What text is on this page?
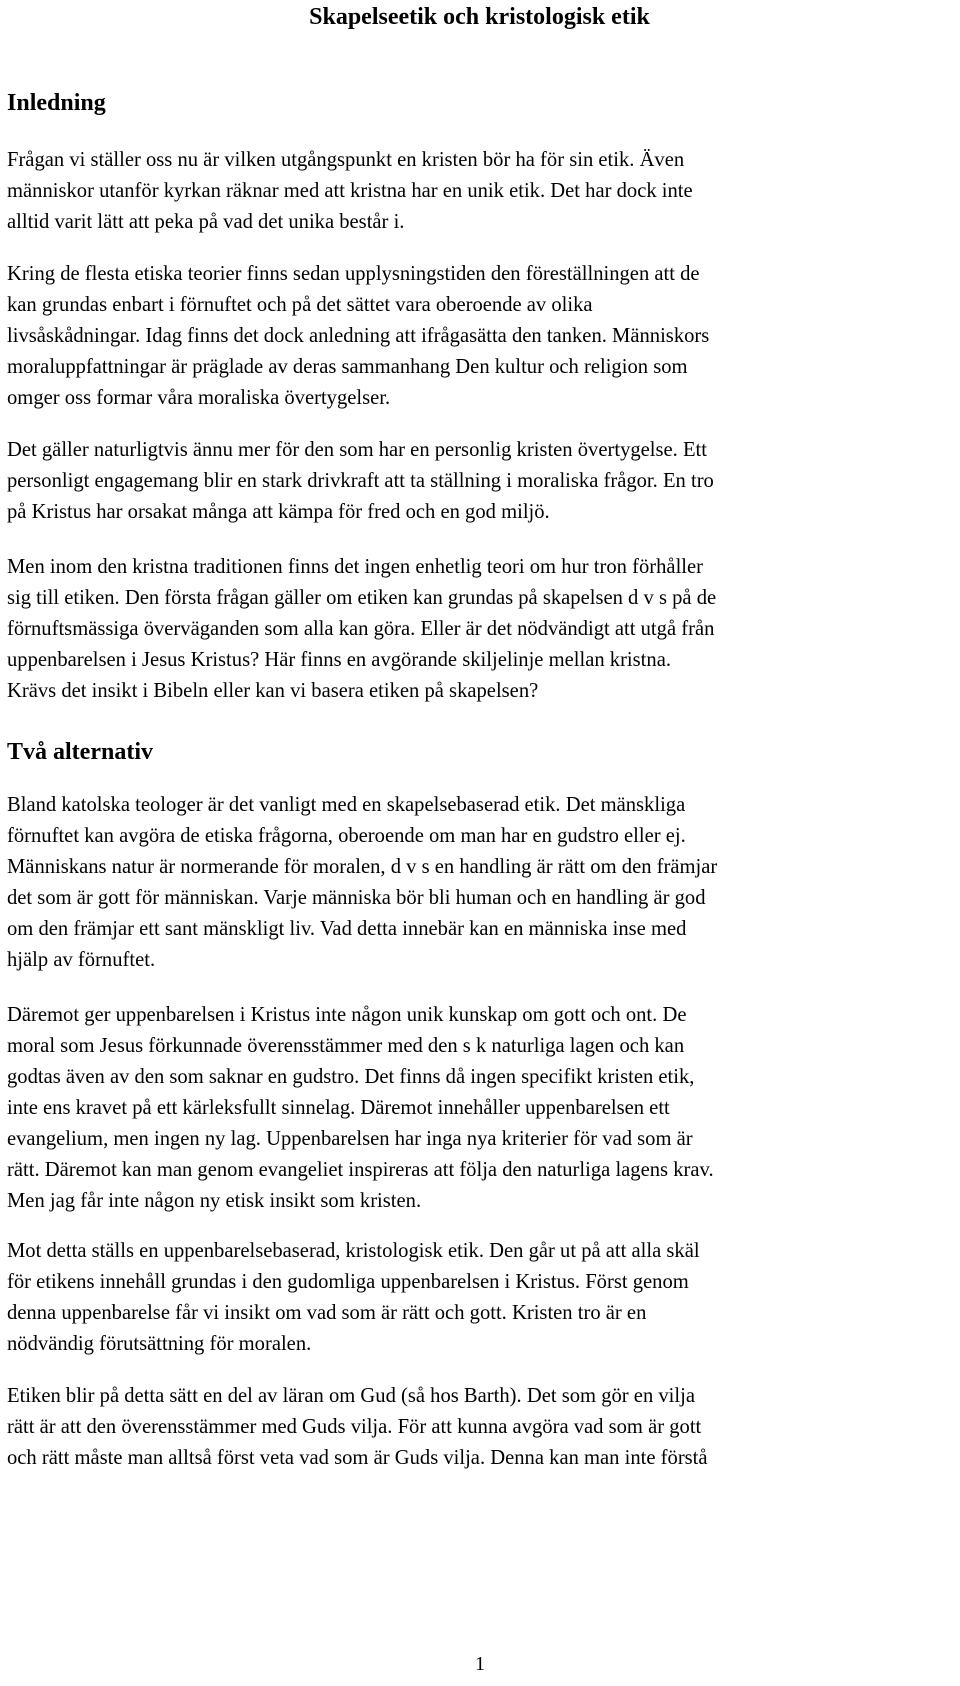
Skapelseetik och kristologisk etik
Inledning

Frågan vi ställer oss nu är vilken utgångspunkt en kristen bör ha för sin etik. Även
människor utanför kyrkan räknar med att kristna har en unik etik. Det har dock inte
alltid varit lätt att peka på vad det unika består i.

Kring de flesta etiska teorier finns sedan upplysningstiden den föreställningen att de
kan grundas enbart i förnuftet och på det sättet vara oberoende av olika
livsåskådningar. Idag finns det dock anledning att ifrågasätta den tanken. Människors
moraluppfattningar är präglade av deras sammanhang Den kultur och religion som
omger oss formar våra moraliska övertygelser.

Det gäller naturligtvis ännu mer för den som har en personlig kristen övertygelse. Ett
personligt engagemang blir en stark drivkraft att ta ställning i moraliska frågor. En tro
på Kristus har orsakat många att kämpa för fred och en god miljö.

Men inom den kristna traditionen finns det ingen enhetlig teori om hur tron förhåller
sig till etiken. Den första frågan gäller om etiken kan grundas på skapelsen d v s på de
förnuftsmässiga överväganden som alla kan göra. Eller är det nödvändigt att utgå från
uppenbarelsen i Jesus Kristus? Här finns en avgörande skiljelinje mellan kristna.
Krävs det insikt i Bibeln eller kan vi basera etiken på skapelsen?

Två alternativ

Bland katolska teologer är det vanligt med en skapelsebaserad etik. Det mänskliga
förnuftet kan avgöra de etiska frågorna, oberoende om man har en gudstro eller ej.
Människans natur är normerande för moralen, d v s en handling är rätt om den främjar
det som är gott för människan. Varje människa bör bli human och en handling är god
om den främjar ett sant mänskligt liv. Vad detta innebär kan en människa inse med
hjälp av förnuftet.

Däremot ger uppenbarelsen i Kristus inte någon unik kunskap om gott och ont. De
moral som Jesus förkunnade överensstämmer med den s k naturliga lagen och kan
godtas även av den som saknar en gudstro. Det finns då ingen specifikt kristen etik,
inte ens kravet på ett kärleksfullt sinnelag. Däremot innehåller uppenbarelsen ett
evangelium, men ingen ny lag. Uppenbarelsen har inga nya kriterier för vad som är
rätt. Däremot kan man genom evangeliet inspireras att följa den naturliga lagens krav.
Men jag får inte någon ny etisk insikt som kristen.

Mot detta ställs en uppenbarelsebaserad, kristologisk etik. Den går ut på att alla skäl
för etikens innehåll grundas i den gudomliga uppenbarelsen i Kristus. Först genom
denna uppenbarelse får vi insikt om vad som är rätt och gott. Kristen tro är en
nödvändig förutsättning för moralen.

Etiken blir på detta sätt en del av läran om Gud (så hos Barth). Det som gör en vilja
rätt är att den överensstämmer med Guds vilja. För att kunna avgöra vad som är gott
och rätt måste man alltså först veta vad som är Guds vilja. Denna kan man inte förstå

1
